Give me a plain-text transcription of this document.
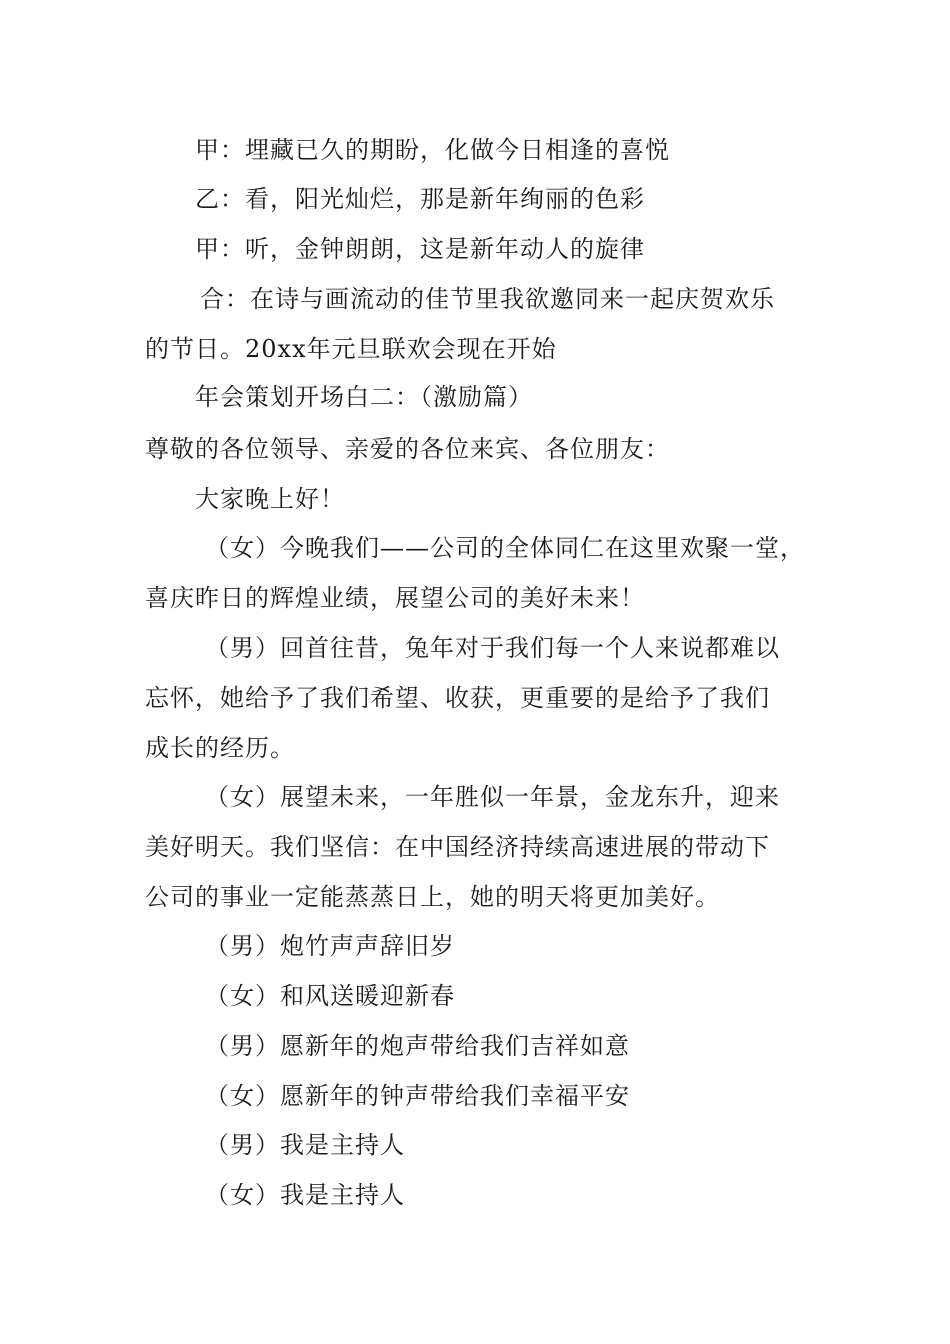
甲：埋藏已久的期盼，化做今日相逢的喜悦
乙：看，阳光灿烂，那是新年绚丽的色彩
甲：听，金钟朗朗，这是新年动人的旋律
合：在诗与画流动的佳节里我欲邀同来一起庆贺欢乐
的节日。20xx年元旦联欢会现在开始
年会策划开场白二：（激励篇）
尊敬的各位领导、亲爱的各位来宾、各位朋友：
大家晚上好！
（女）今晚我们——公司的全体同仁在这里欢聚一堂，
喜庆昨日的辉煌业绩，展望公司的美好未来！
（男）回首往昔，兔年对于我们每一个人来说都难以
忘怀，她给予了我们希望、收获，更重要的是给予了我们
成长的经历。
（女）展望未来，一年胜似一年景，金龙东升，迎来
美好明天。我们坚信：在中国经济持续高速进展的带动下
公司的事业一定能蒸蒸日上，她的明天将更加美好。
（男）炮竹声声辞旧岁
（女）和风送暖迎新春
（男）愿新年的炮声带给我们吉祥如意
（女）愿新年的钟声带给我们幸福平安
（男）我是主持人
（女）我是主持人
